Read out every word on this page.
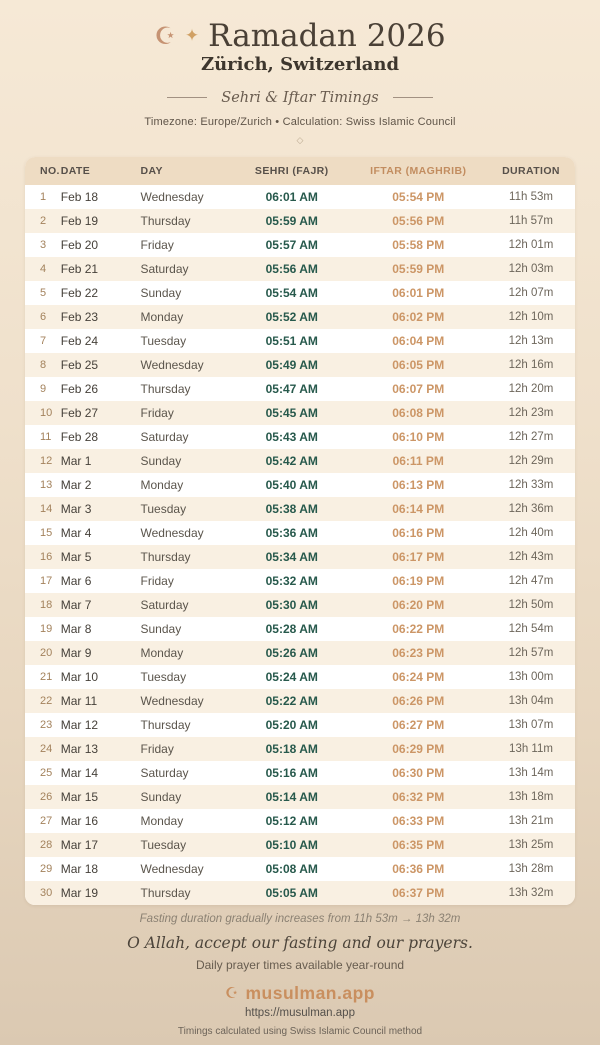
☪ ✦ Ramadan 2026
Zürich, Switzerland
Sehri & Iftar Timings
Timezone: Europe/Zurich • Calculation: Swiss Islamic Council
◇
NO.	DATE	DAY	SEHRI (FAJR)	IFTAR (MAGHRIB)	DURATION
1	Feb 18	Wednesday	06:01 AM	05:54 PM	11h 53m
2	Feb 19	Thursday	05:59 AM	05:56 PM	11h 57m
3	Feb 20	Friday	05:57 AM	05:58 PM	12h 01m
4	Feb 21	Saturday	05:56 AM	05:59 PM	12h 03m
5	Feb 22	Sunday	05:54 AM	06:01 PM	12h 07m
6	Feb 23	Monday	05:52 AM	06:02 PM	12h 10m
7	Feb 24	Tuesday	05:51 AM	06:04 PM	12h 13m
8	Feb 25	Wednesday	05:49 AM	06:05 PM	12h 16m
9	Feb 26	Thursday	05:47 AM	06:07 PM	12h 20m
10	Feb 27	Friday	05:45 AM	06:08 PM	12h 23m
11	Feb 28	Saturday	05:43 AM	06:10 PM	12h 27m
12	Mar 1	Sunday	05:42 AM	06:11 PM	12h 29m
13	Mar 2	Monday	05:40 AM	06:13 PM	12h 33m
14	Mar 3	Tuesday	05:38 AM	06:14 PM	12h 36m
15	Mar 4	Wednesday	05:36 AM	06:16 PM	12h 40m
16	Mar 5	Thursday	05:34 AM	06:17 PM	12h 43m
17	Mar 6	Friday	05:32 AM	06:19 PM	12h 47m
18	Mar 7	Saturday	05:30 AM	06:20 PM	12h 50m
19	Mar 8	Sunday	05:28 AM	06:22 PM	12h 54m
20	Mar 9	Monday	05:26 AM	06:23 PM	12h 57m
21	Mar 10	Tuesday	05:24 AM	06:24 PM	13h 00m
22	Mar 11	Wednesday	05:22 AM	06:26 PM	13h 04m
23	Mar 12	Thursday	05:20 AM	06:27 PM	13h 07m
24	Mar 13	Friday	05:18 AM	06:29 PM	13h 11m
25	Mar 14	Saturday	05:16 AM	06:30 PM	13h 14m
26	Mar 15	Sunday	05:14 AM	06:32 PM	13h 18m
27	Mar 16	Monday	05:12 AM	06:33 PM	13h 21m
28	Mar 17	Tuesday	05:10 AM	06:35 PM	13h 25m
29	Mar 18	Wednesday	05:08 AM	06:36 PM	13h 28m
30	Mar 19	Thursday	05:05 AM	06:37 PM	13h 32m
Fasting duration gradually increases from 11h 53m → 13h 32m
O Allah, accept our fasting and our prayers.
Daily prayer times available year-round
☪ musulman.app
https://musulman.app
Timings calculated using Swiss Islamic Council method
